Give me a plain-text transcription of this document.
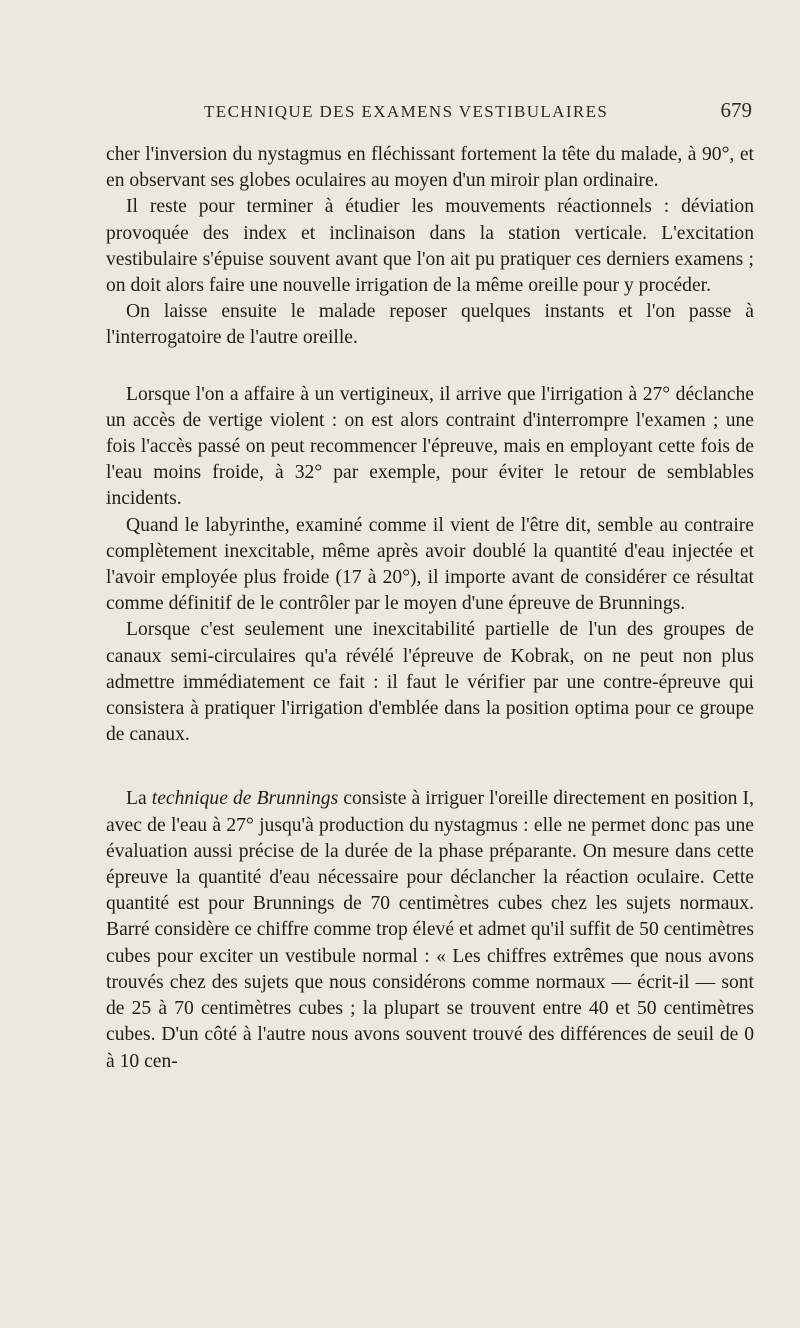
TECHNIQUE DES EXAMENS VESTIBULAIRES	679

cher l'inversion du nystagmus en fléchissant fortement la tête du malade, à 90°, et en observant ses globes oculaires au moyen d'un miroir plan ordinaire.

Il reste pour terminer à étudier les mouvements réactionnels : déviation provoquée des index et inclinaison dans la station verticale. L'excitation vestibulaire s'épuise souvent avant que l'on ait pu pratiquer ces derniers examens ; on doit alors faire une nouvelle irrigation de la même oreille pour y procéder.

On laisse ensuite le malade reposer quelques instants et l'on passe à l'interrogatoire de l'autre oreille.

Lorsque l'on a affaire à un vertigineux, il arrive que l'irrigation à 27° déclanche un accès de vertige violent : on est alors contraint d'interrompre l'examen ; une fois l'accès passé on peut recommencer l'épreuve, mais en employant cette fois de l'eau moins froide, à 32° par exemple, pour éviter le retour de semblables incidents.

Quand le labyrinthe, examiné comme il vient de l'être dit, semble au contraire complètement inexcitable, même après avoir doublé la quantité d'eau injectée et l'avoir employée plus froide (17 à 20°), il importe avant de considérer ce résultat comme définitif de le contrôler par le moyen d'une épreuve de Brunnings.

Lorsque c'est seulement une inexcitabilité partielle de l'un des groupes de canaux semi-circulaires qu'a révélé l'épreuve de Kobrak, on ne peut non plus admettre immédiatement ce fait : il faut le vérifier par une contre-épreuve qui consistera à pratiquer l'irrigation d'emblée dans la position optima pour ce groupe de canaux.

La technique de Brunnings consiste à irriguer l'oreille directement en position I, avec de l'eau à 27° jusqu'à production du nystagmus : elle ne permet donc pas une évaluation aussi précise de la durée de la phase préparante. On mesure dans cette épreuve la quantité d'eau nécessaire pour déclancher la réaction oculaire. Cette quantité est pour Brunnings de 70 centimètres cubes chez les sujets normaux. Barré considère ce chiffre comme trop élevé et admet qu'il suffit de 50 centimètres cubes pour exciter un vestibule normal : « Les chiffres extrêmes que nous avons trouvés chez des sujets que nous considérons comme normaux — écrit-il — sont de 25 à 70 centimètres cubes ; la plupart se trouvent entre 40 et 50 centimètres cubes. D'un côté à l'autre nous avons souvent trouvé des différences de seuil de 0 à 10 cen-
